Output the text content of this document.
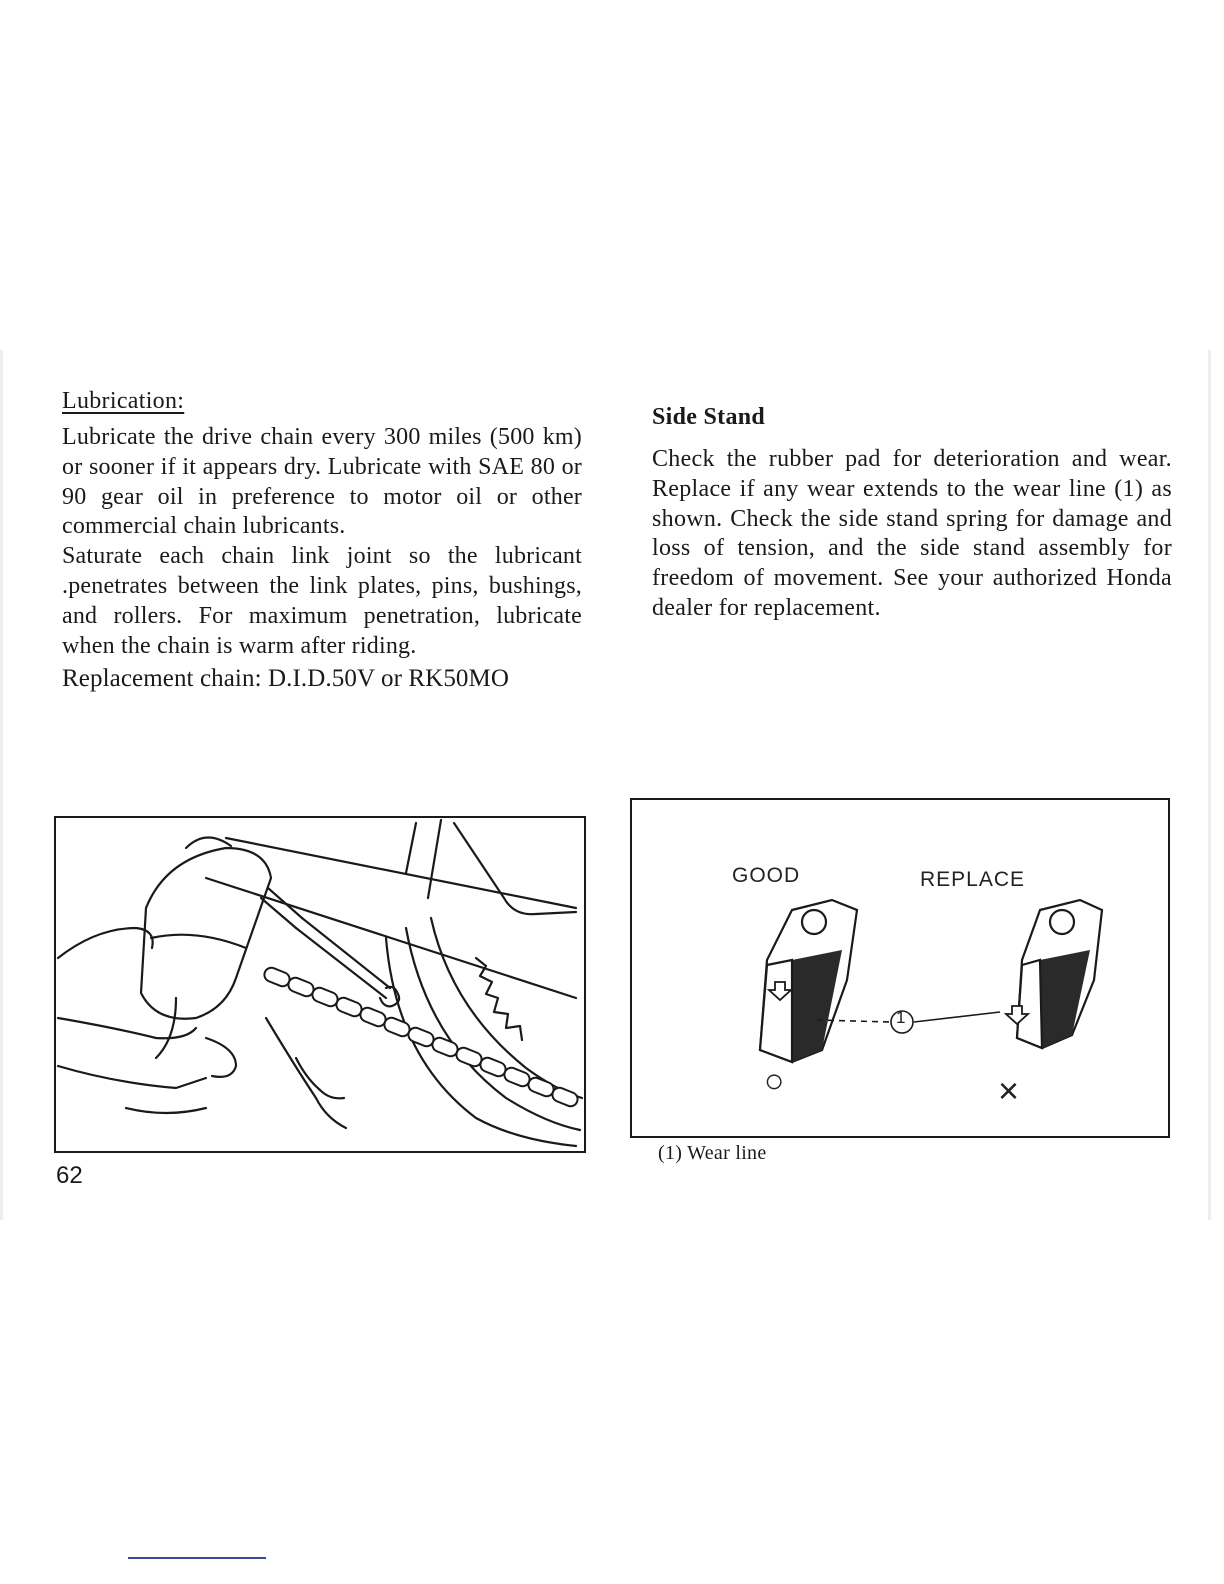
Lubrication:

Lubricate the drive chain every 300 miles (500 km) or sooner if it appears dry. Lubricate with SAE 80 or 90 gear oil in preference to motor oil or other commercial chain lubricants.

Saturate each chain link joint so the lubricant .penetrates between the link plates, pins, bushings, and rollers. For maximum penetration, lubricate when the chain is warm after riding.

Replacement chain: D.I.D.50V or RK50MO

Side Stand

Check the rubber pad for deterioration and wear. Replace if any wear extends to the wear line (1) as shown. Check the side stand spring for damage and loss of tension, and the side stand assembly for freedom of movement. See your authorized Honda dealer for replacement.

GOOD	REPLACE
1
○	×

(1) Wear line

62
